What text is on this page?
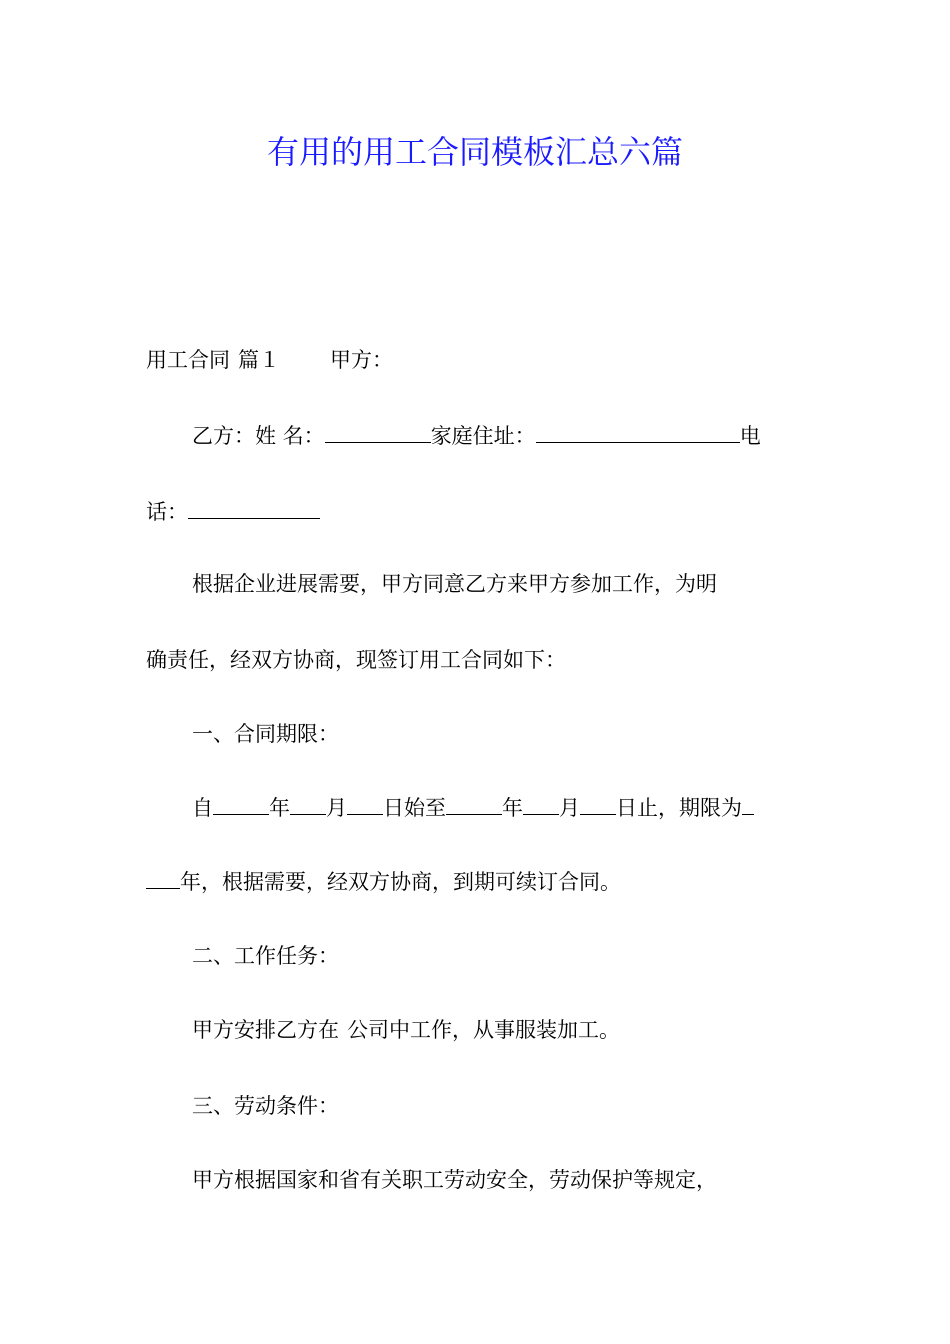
有用的用工合同模板汇总六篇
用工合同 篇１ 甲方：
乙方：姓 名：	家庭住址：	电
话：
根据企业进展需要，甲方同意乙方来甲方参加工作，为明
确责任，经双方协商，现签订用工合同如下：
一、合同期限：
自	年 月 日始至	年 月 日止，期限为
年，根据需要，经双方协商，到期可续订合同。
二、工作任务：
甲方安排乙方在 公司中工作，从事服装加工。
三、劳动条件：
甲方根据国家和省有关职工劳动安全，劳动保护等规定，
